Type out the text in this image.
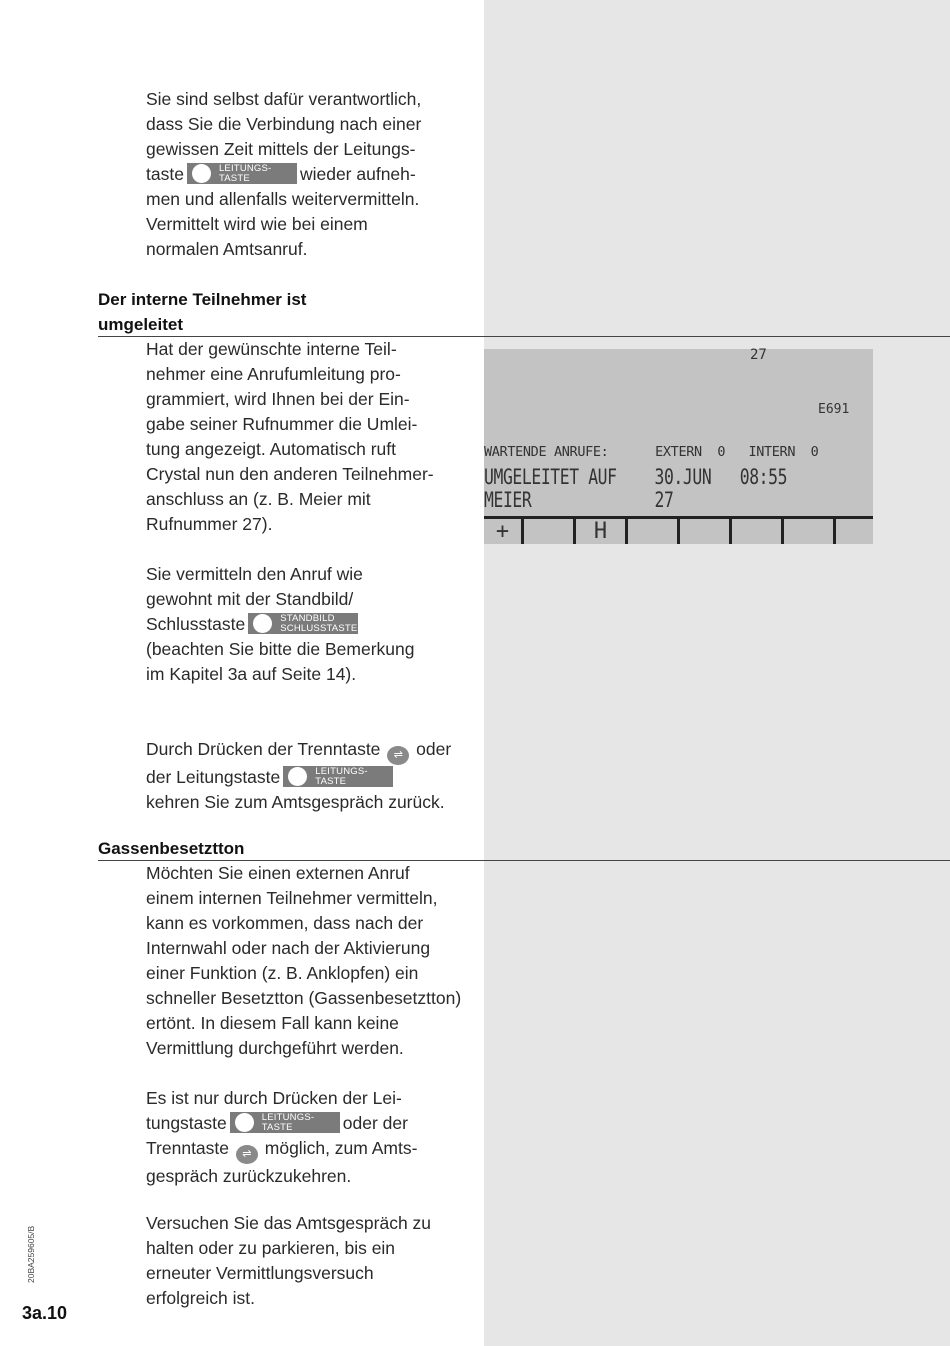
Sie sind selbst dafür verantwortlich,
dass Sie die Verbindung nach einer
gewissen Zeit mittels der Leitungs-
taste	LEITUNGS-
TASTE	wieder aufneh-
men und allenfalls weitervermitteln.
Vermittelt wird wie bei einem
normalen Amtsanruf.
Der interne Teilnehmer ist
umgeleitet
Hat der gewünschte interne Teil-
nehmer eine Anrufumleitung pro-
grammiert, wird Ihnen bei der Ein-
gabe seiner Rufnummer die Umlei-
tung angezeigt. Automatisch ruft
Crystal nun den anderen Teilnehmer-
anschluss an (z. B. Meier mit
Rufnummer 27).
27
E691
WARTENDE ANRUFE:      EXTERN  0   INTERN  0
UMGELEITET AUF    30.JUN   08:55
MEIER             27
+	H
Sie vermitteln den Anruf wie
gewohnt mit der Standbild/
Schlusstaste	STANDBILD
SCHLUSSTASTE
(beachten Sie bitte die Bemerkung
im Kapitel 3a auf Seite 14).
Durch Drücken der Trenntaste ⇌ oder
der Leitungstaste	LEITUNGS-
TASTE
kehren Sie zum Amtsgespräch zurück.
Gassenbesetztton
Möchten Sie einen externen Anruf
einem internen Teilnehmer vermitteln,
kann es vorkommen, dass nach der
Internwahl oder nach der Aktivierung
einer Funktion (z. B. Anklopfen) ein
schneller Besetztton (Gassenbesetztton)
ertönt. In diesem Fall kann keine
Vermittlung durchgeführt werden.
Es ist nur durch Drücken der Lei-
tungstaste	LEITUNGS-
TASTE	oder der
Trenntaste ⇌ möglich, zum Amts-
gespräch zurückzukehren.
Versuchen Sie das Amtsgespräch zu
halten oder zu parkieren, bis ein
erneuter Vermittlungsversuch
erfolgreich ist.
20BA259605/B
3a.10
